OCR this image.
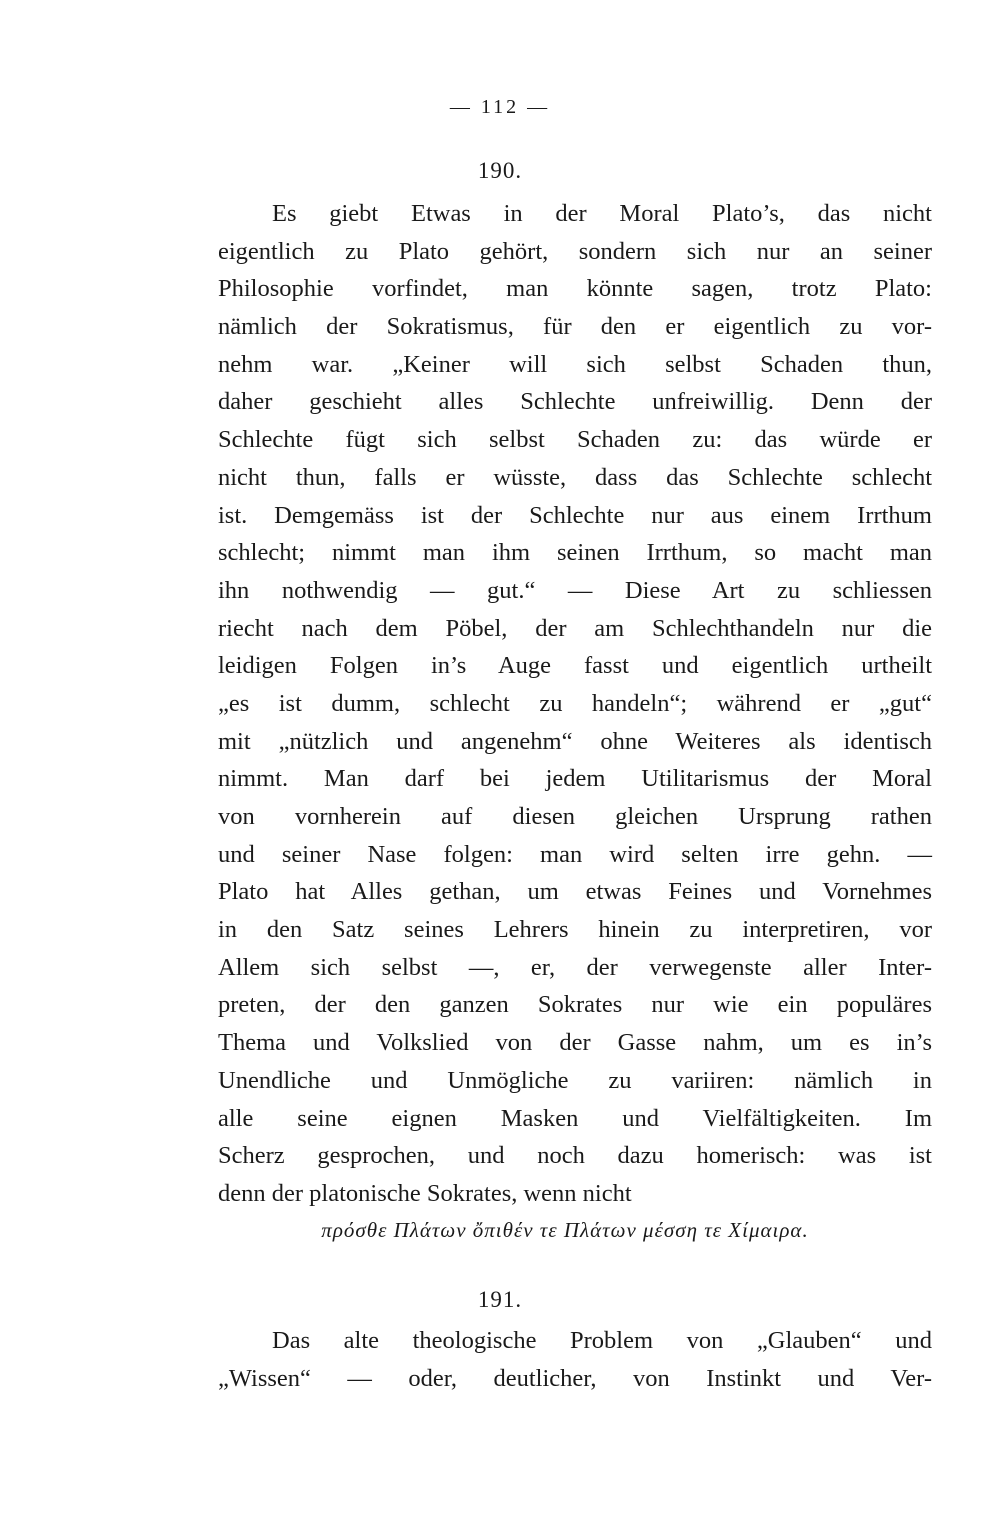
— 112 —
190.
Es giebt Etwas in der Moral Plato’s, das nicht
eigentlich zu Plato gehört, sondern sich nur an seiner
Philosophie vorfindet, man könnte sagen, trotz Plato:
nämlich der Sokratismus, für den er eigentlich zu vor-
nehm war. „Keiner will sich selbst Schaden thun,
daher geschieht alles Schlechte unfreiwillig. Denn der
Schlechte fügt sich selbst Schaden zu: das würde er
nicht thun, falls er wüsste, dass das Schlechte schlecht
ist. Demgemäss ist der Schlechte nur aus einem Irrthum
schlecht; nimmt man ihm seinen Irrthum, so macht man
ihn nothwendig — gut.“ — Diese Art zu schliessen
riecht nach dem Pöbel, der am Schlechthandeln nur die
leidigen Folgen in’s Auge fasst und eigentlich urtheilt
„es ist dumm, schlecht zu handeln“; während er „gut“
mit „nützlich und angenehm“ ohne Weiteres als identisch
nimmt. Man darf bei jedem Utilitarismus der Moral
von vornherein auf diesen gleichen Ursprung rathen
und seiner Nase folgen: man wird selten irre gehn. —
Plato hat Alles gethan, um etwas Feines und Vornehmes
in den Satz seines Lehrers hinein zu interpretiren, vor
Allem sich selbst —, er, der verwegenste aller Inter-
preten, der den ganzen Sokrates nur wie ein populäres
Thema und Volkslied von der Gasse nahm, um es in’s
Unendliche und Unmögliche zu variiren: nämlich in
alle seine eignen Masken und Vielfältigkeiten. Im
Scherz gesprochen, und noch dazu homerisch: was ist
denn der platonische Sokrates, wenn nicht
πρόσθε Πλάτων ὄπιθέν τε Πλάτων μέσση τε Χίμαιρα.
191.
Das alte theologische Problem von „Glauben“ und
„Wissen“ — oder, deutlicher, von Instinkt und Ver-
